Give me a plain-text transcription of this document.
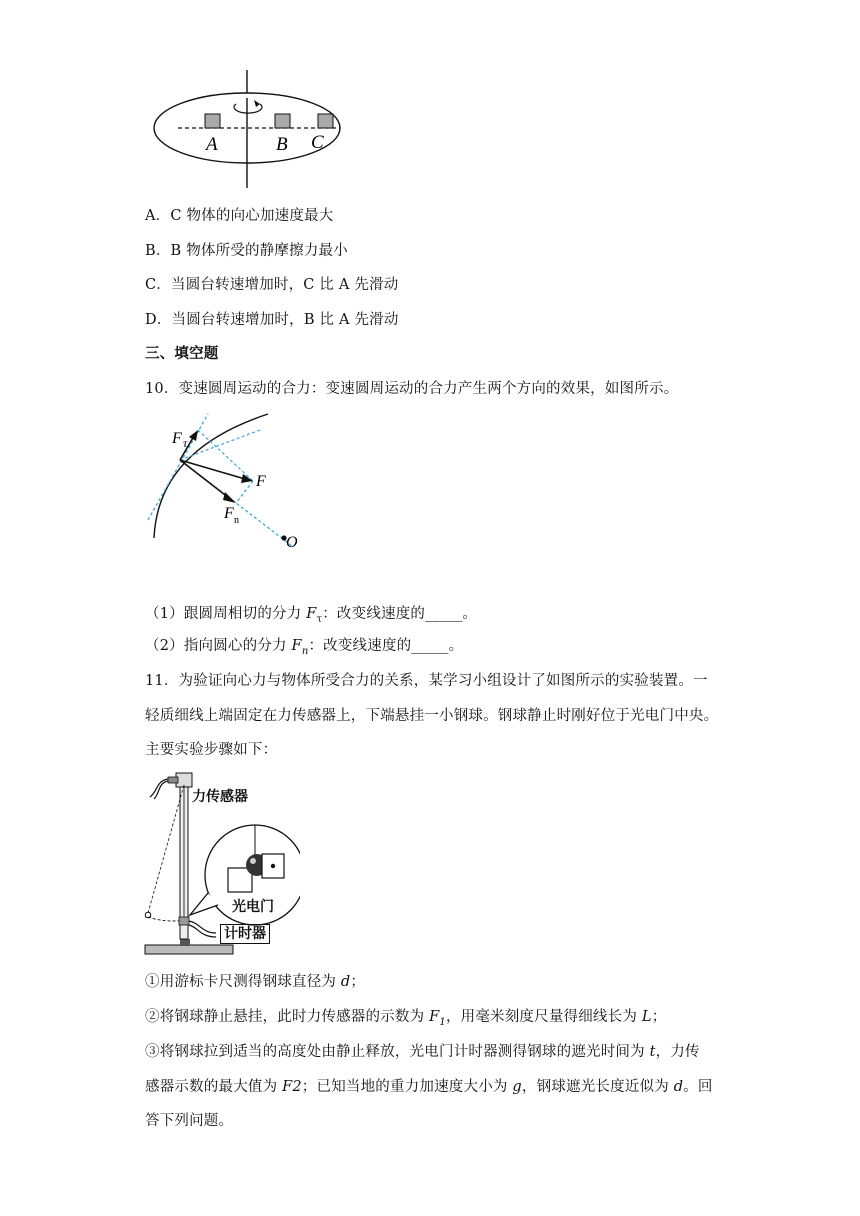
A	B C
A．C 物体的向心加速度最大
B．B 物体所受的静摩擦力最小
C．当圆台转速增加时，C 比 A 先滑动
D．当圆台转速增加时，B 比 A 先滑动
三、填空题
10．变速圆周运动的合力：变速圆周运动的合力产生两个方向的效果，如图所示。
F τ
F
F n
O
（1）跟圆周相切的分力 $F_\tau$：改变线速度的_____。
（2）指向圆心的分力 $F_n$：改变线速度的_____。
11．为验证向心力与物体所受合力的关系，某学习小组设计了如图所示的实验装置。一
轻质细线上端固定在力传感器上，下端悬挂一小钢球。钢球静止时刚好位于光电门中央。
主要实验步骤如下：
力传感器
光电门
计时器
①用游标卡尺测得钢球直径为 d；
②将钢球静止悬挂，此时力传感器的示数为 $F_1$，用毫米刻度尺量得细线长为 L；
③将钢球拉到适当的高度处由静止释放，光电门计时器测得钢球的遮光时间为 t，力传
感器示数的最大值为 F2；已知当地的重力加速度大小为 g，钢球遮光长度近似为 d。回
答下列问题。
